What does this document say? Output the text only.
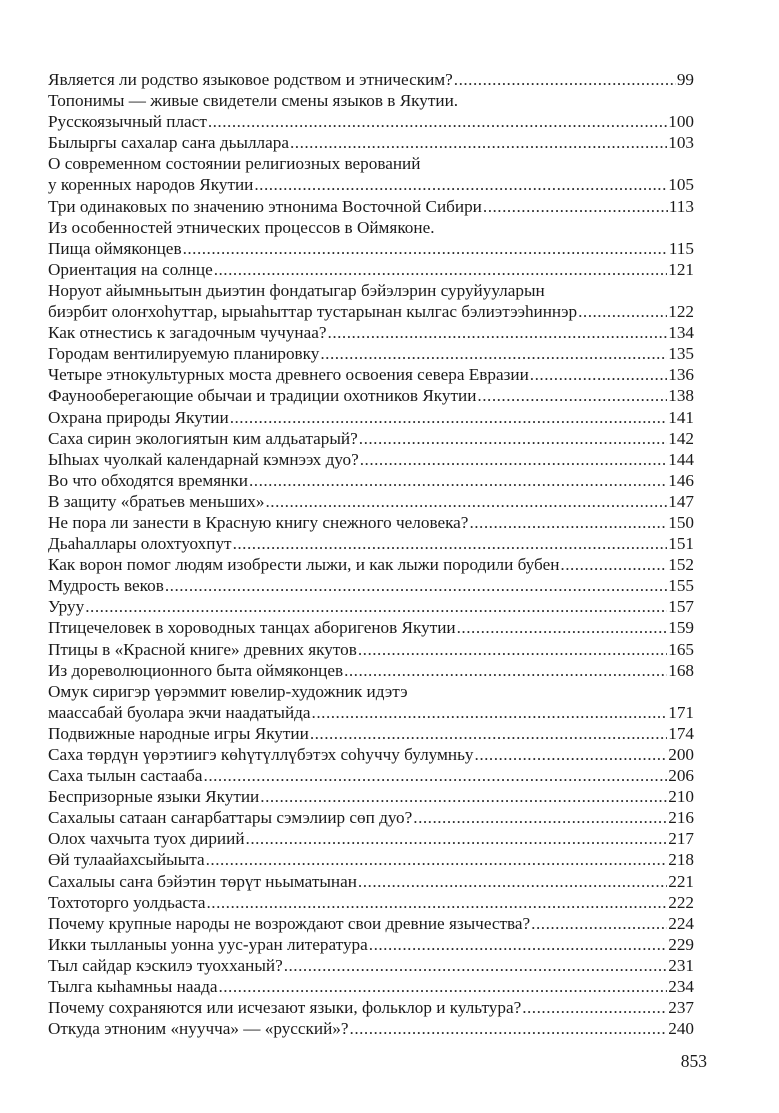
Является ли родство языковое родством и этническим? .....	99
Топонимы — живые свидетели смены языков в Якутии.
Русскоязычный пласт .....	100
Былыргы сахалар саҥа дьыллара .....	103
О современном состоянии религиозных верований
у коренных народов Якутии .....	105
Три одинаковых по значению этнонима Восточной Сибири .....	113
Из особенностей этнических процессов в Оймяконе.
Пища оймяконцев .....	115
Ориентация на солнце .....	121
Норуот айымньытын дьиэтин фондатыгар бэйэлэрин суруйууларын
биэрбит олоҥхоһуттар, ырыаһыттар тустарынан кылгас бэлиэтээһиннэр .....	122
Как отнестись к загадочным чучунаа? .....	134
Городам вентилируемую планировку .....	135
Четыре этнокультурных моста древнего освоения севера Евразии .....	136
Фаунооберегающие обычаи и традиции охотников Якутии .....	138
Охрана природы Якутии .....	141
Саха сирин экологиятын ким алдьатарый? .....	142
Ыһыах чуолкай календарнай кэмнээх дуо? .....	144
Во что обходятся времянки .....	146
В защиту «братьев меньших» .....	147
Не пора ли занести в Красную книгу снежного человека? .....	150
Дьаһаллары олохтуохпут .....	151
Как ворон помог людям изобрести лыжи, и как лыжи породили бубен .....	152
Мудрость веков .....	155
Уруу .....	157
Птицечеловек в хороводных танцах аборигенов Якутии .....	159
Птицы в «Красной книге» древних якутов .....	165
Из дореволюционного быта оймяконцев .....	168
Омук сиригэр үөрэммит ювелир-художник идэтэ
маассабай буолара экчи наадатыйда .....	171
Подвижные народные игры Якутии .....	174
Саха төрдүн үөрэтиигэ көһүтүллүбэтэх соһуччу булумньу .....	200
Саха тылын састааба .....	206
Беспризорные языки Якутии .....	210
Сахалыы сатаан саҥарбаттары сэмэлиир сөп дуо? .....	216
Олох чахчыта туох дириий .....	217
Өй тулаайахсыйыыта .....	218
Сахалыы саҥа бэйэтин төрүт ньыматынан .....	221
Тохтоторго уолдьаста .....	222
Почему крупные народы не возрождают свои древние язычества? .....	224
Икки тылланыы уонна уус-уран литература .....	229
Тыл сайдар кэскилэ туохханый? .....	231
Тылга кыһамньы наада .....	234
Почему сохраняются или исчезают языки, фольклор и культура? .....	237
Откуда этноним «нуучча» — «русский»? .....	240
853
